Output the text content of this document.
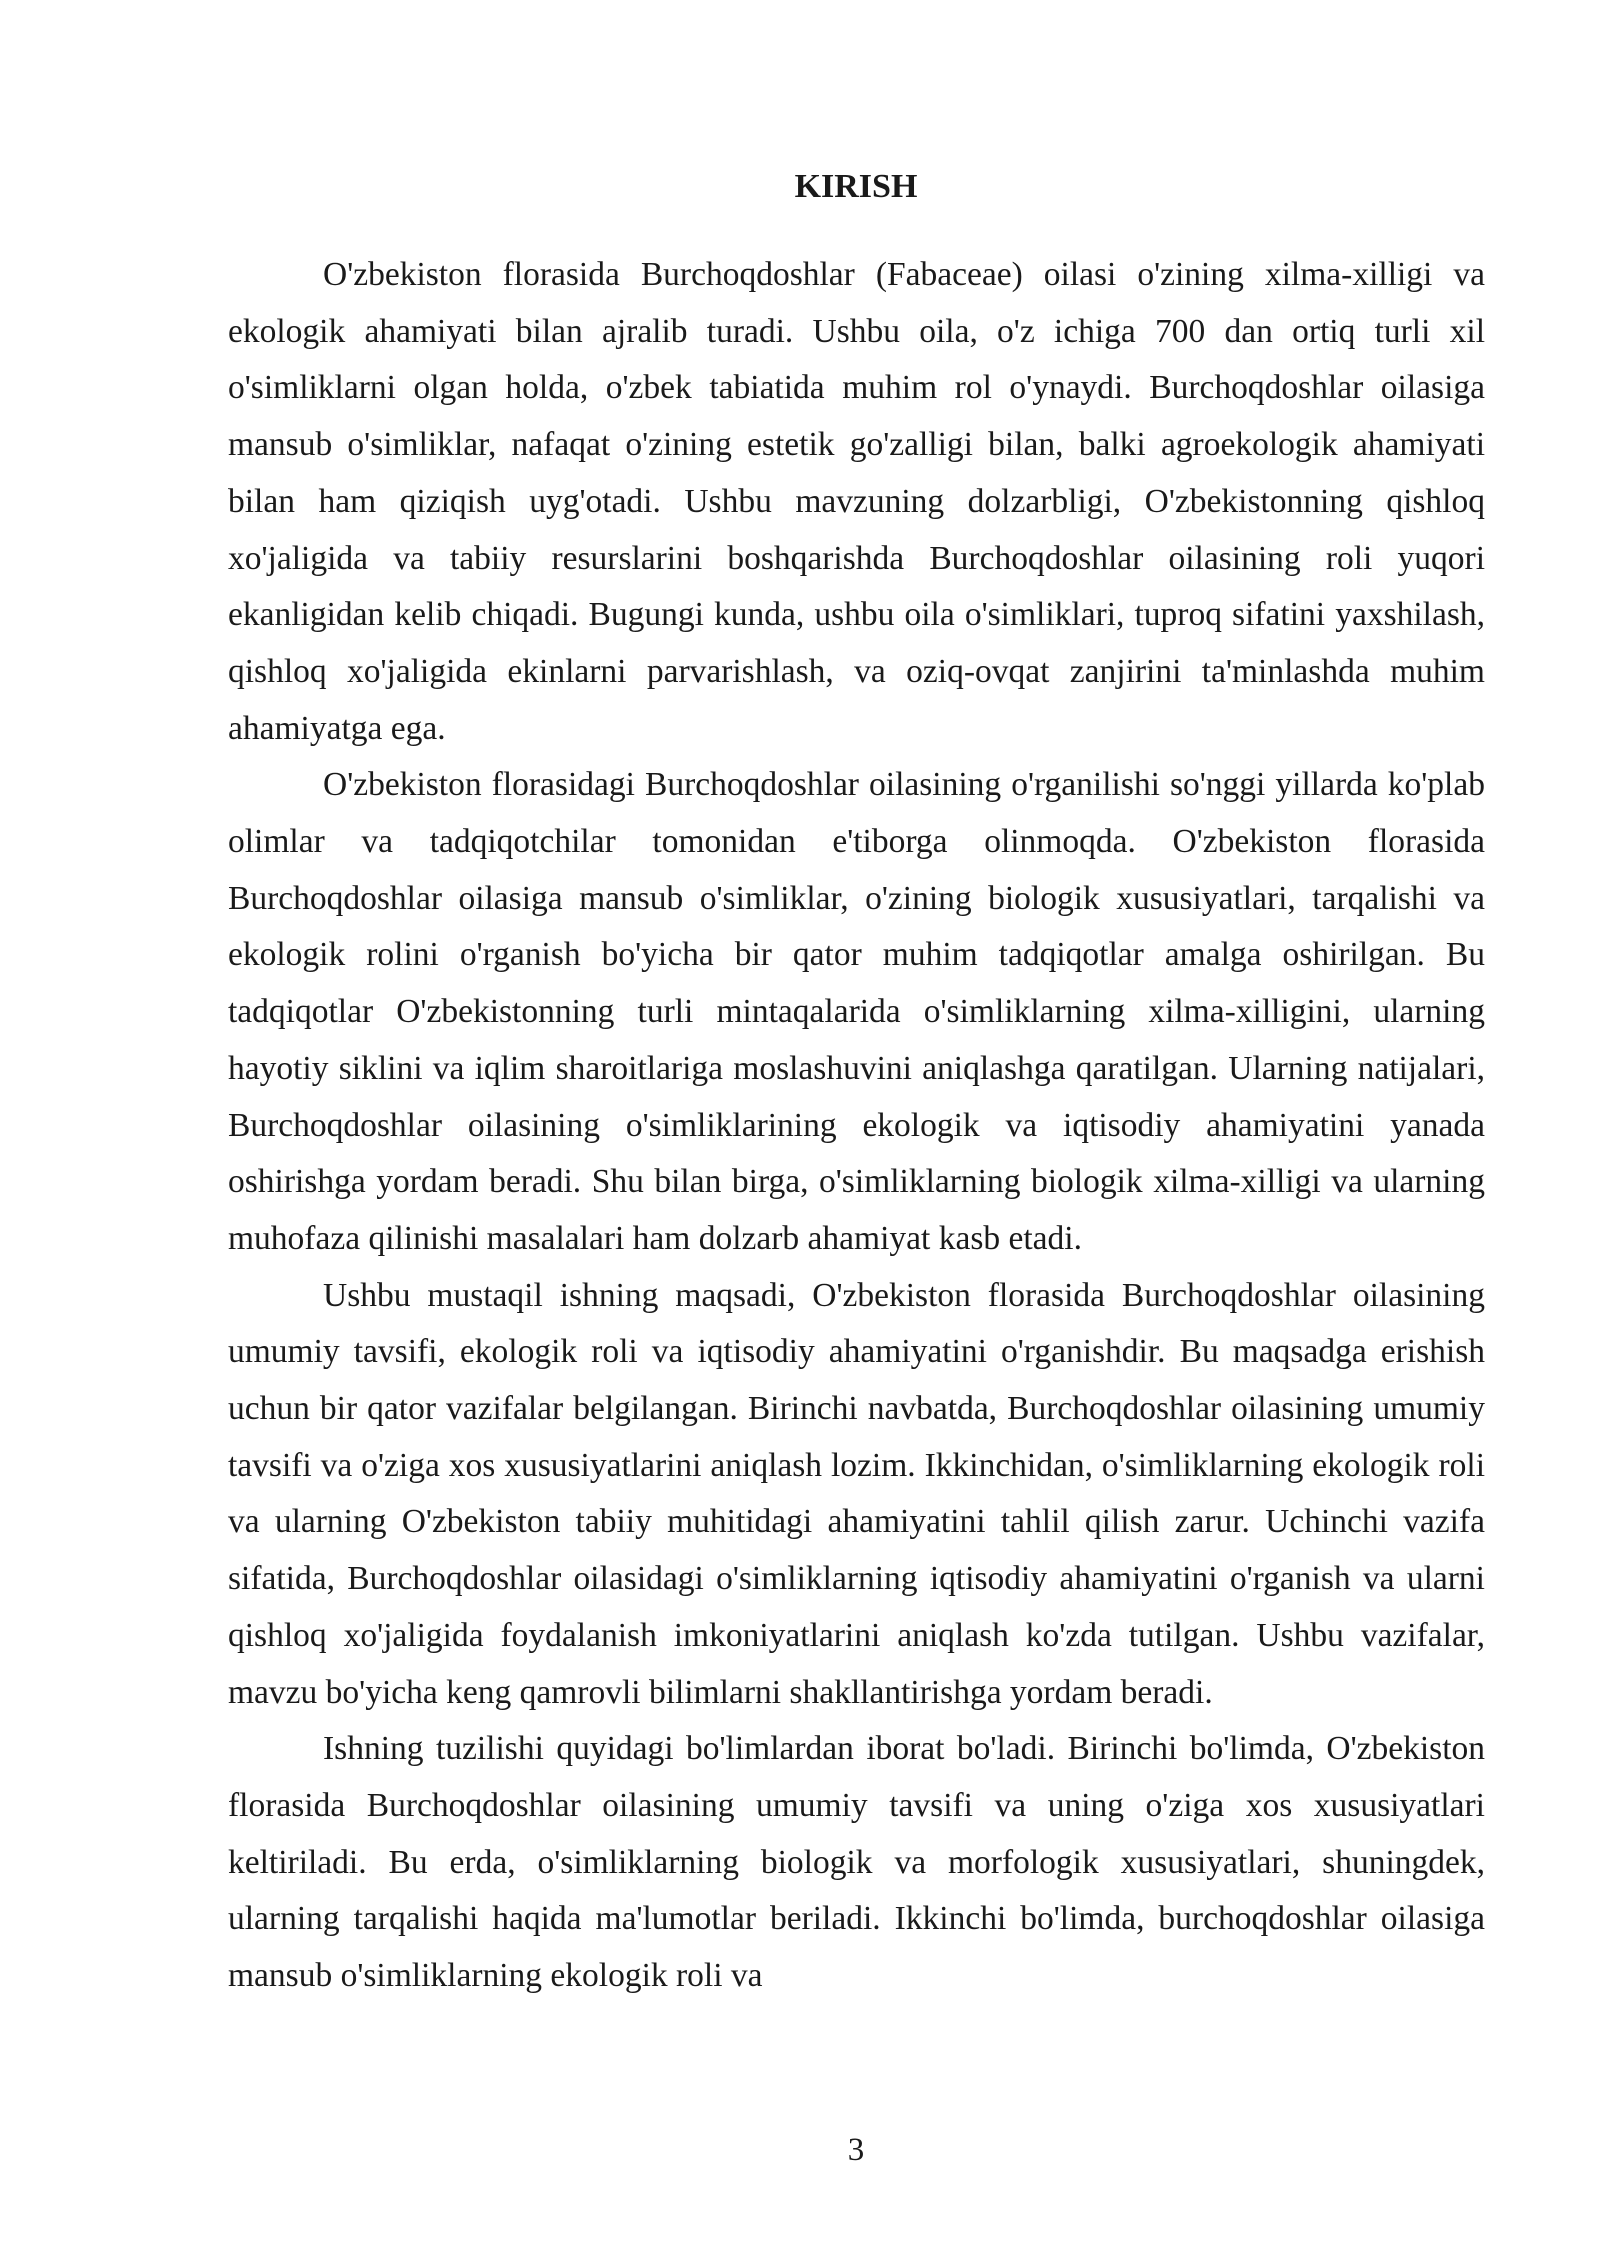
KIRISH

O'zbekiston florasida Burchoqdoshlar (Fabaceae) oilasi o'zining xilma-xilligi va ekologik ahamiyati bilan ajralib turadi. Ushbu oila, o'z ichiga 700 dan ortiq turli xil o'simliklarni olgan holda, o'zbek tabiatida muhim rol o'ynaydi. Burchoqdoshlar oilasiga mansub o'simliklar, nafaqat o'zining estetik go'zalligi bilan, balki agroekologik ahamiyati bilan ham qiziqish uyg'otadi. Ushbu mavzuning dolzarbligi, O'zbekistonning qishloq xo'jaligida va tabiiy resurslarini boshqarishda Burchoqdoshlar oilasining roli yuqori ekanligidan kelib chiqadi. Bugungi kunda, ushbu oila o'simliklari, tuproq sifatini yaxshilash, qishloq xo'jaligida ekinlarni parvarishlash, va oziq-ovqat zanjirini ta'minlashda muhim ahamiyatga ega.

O'zbekiston florasidagi Burchoqdoshlar oilasining o'rganilishi so'nggi yillarda ko'plab olimlar va tadqiqotchilar tomonidan e'tiborga olinmoqda. O'zbekiston florasida Burchoqdoshlar oilasiga mansub o'simliklar, o'zining biologik xususiyatlari, tarqalishi va ekologik rolini o'rganish bo'yicha bir qator muhim tadqiqotlar amalga oshirilgan. Bu tadqiqotlar O'zbekistonning turli mintaqalarida o'simliklarning xilma-xilligini, ularning hayotiy siklini va iqlim sharoitlariga moslashuvini aniqlashga qaratilgan. Ularning natijalari, Burchoqdoshlar oilasining o'simliklarining ekologik va iqtisodiy ahamiyatini yanada oshirishga yordam beradi. Shu bilan birga, o'simliklarning biologik xilma-xilligi va ularning muhofaza qilinishi masalalari ham dolzarb ahamiyat kasb etadi.

Ushbu mustaqil ishning maqsadi, O'zbekiston florasida Burchoqdoshlar oilasining umumiy tavsifi, ekologik roli va iqtisodiy ahamiyatini o'rganishdir. Bu maqsadga erishish uchun bir qator vazifalar belgilangan. Birinchi navbatda, Burchoqdoshlar oilasining umumiy tavsifi va o'ziga xos xususiyatlarini aniqlash lozim. Ikkinchidan, o'simliklarning ekologik roli va ularning O'zbekiston tabiiy muhitidagi ahamiyatini tahlil qilish zarur. Uchinchi vazifa sifatida, Burchoqdoshlar oilasidagi o'simliklarning iqtisodiy ahamiyatini o'rganish va ularni qishloq xo'jaligida foydalanish imkoniyatlarini aniqlash ko'zda tutilgan. Ushbu vazifalar, mavzu bo'yicha keng qamrovli bilimlarni shakllantirishga yordam beradi.

Ishning tuzilishi quyidagi bo'limlardan iborat bo'ladi. Birinchi bo'limda, O'zbekiston florasida Burchoqdoshlar oilasining umumiy tavsifi va uning o'ziga xos xususiyatlari keltiriladi. Bu erda, o'simliklarning biologik va morfologik xususiyatlari, shuningdek, ularning tarqalishi haqida ma'lumotlar beriladi. Ikkinchi bo'limda, burchoqdoshlar oilasiga mansub o'simliklarning ekologik roli va

3
